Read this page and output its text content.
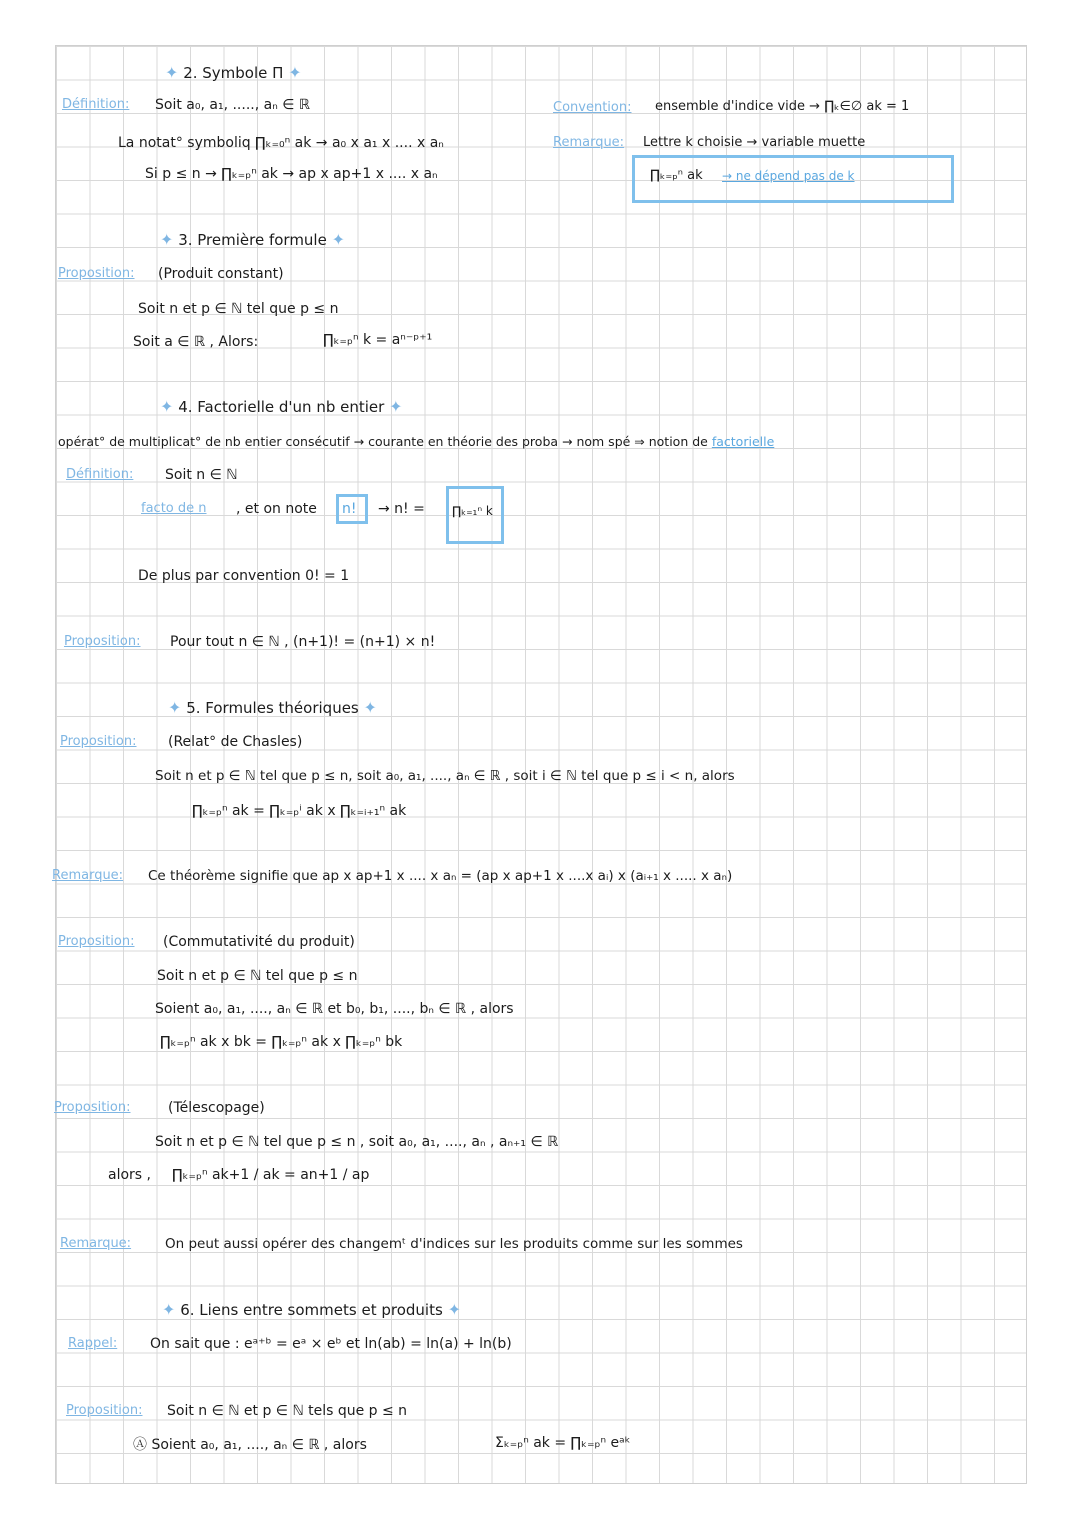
✦ 2. Symbole Π ✦
Définition: Soit a₀, a₁, ....., aₙ ∈ ℝ
La notat° symboliq ∏ₖ₌₀ⁿ ak → a₀ x a₁ x .... x aₙ
Si p ≤ n → ∏ₖ₌ₚⁿ ak → ap x ap+1 x .... x aₙ
Convention: ensemble d'indice vide → ∏ₖ∈∅ ak = 1
Remarque: Lettre k choisie → variable muette
∏ₖ₌ₚⁿ ak → ne dépend pas de k
✦ 3. Première formule ✦
Proposition: (Produit constant)
Soit n et p ∈ ℕ tel que p ≤ n
Soit a ∈ ℝ , Alors:	∏ₖ₌ₚⁿ k = aⁿ⁻ᵖ⁺¹
✦ 4. Factorielle d'un nb entier ✦
opérat° de multiplicat° de nb entier consécutif → courante en théorie des proba → nom spé ⇒ notion de factorielle
Définition: Soit n ∈ ℕ
facto de n , et on note n! → n! = ∏ₖ₌₁ⁿ k
De plus par convention 0! = 1
Proposition: Pour tout n ∈ ℕ , (n+1)! = (n+1) × n!
✦ 5. Formules théoriques ✦
Proposition: (Relat° de Chasles)
Soit n et p ∈ ℕ tel que p ≤ n, soit a₀, a₁, ...., aₙ ∈ ℝ , soit i ∈ ℕ tel que p ≤ i < n, alors
∏ₖ₌ₚⁿ ak = ∏ₖ₌ₚⁱ ak x ∏ₖ₌ᵢ₊₁ⁿ ak
Remarque: Ce théorème signifie que ap x ap+1 x .... x aₙ = (ap x ap+1 x ....x aᵢ) x (aᵢ₊₁ x ..... x aₙ)
Proposition: (Commutativité du produit)
Soit n et p ∈ ℕ tel que p ≤ n
Soient a₀, a₁, ...., aₙ ∈ ℝ et b₀, b₁, ...., bₙ ∈ ℝ , alors
∏ₖ₌ₚⁿ ak x bk = ∏ₖ₌ₚⁿ ak x ∏ₖ₌ₚⁿ bk
Proposition:	(Télescopage)
Soit n et p ∈ ℕ tel que p ≤ n , soit a₀, a₁, ...., aₙ , aₙ₊₁ ∈ ℝ
alors , ∏ₖ₌ₚⁿ ak+1 / ak = an+1 / ap
Remarque:	On peut aussi opérer des changemᵗ d'indices sur les produits comme sur les sommes
✦ 6. Liens entre sommets et produits ✦
Rappel: On sait que : eᵃ⁺ᵇ = eᵃ × eᵇ et ln(ab) = ln(a) + ln(b)
Proposition: Soit n ∈ ℕ et p ∈ ℕ tels que p ≤ n
Ⓐ Soient a₀, a₁, ...., aₙ ∈ ℝ , alors	Σₖ₌ₚⁿ ak = ∏ₖ₌ₚⁿ eᵃᵏ
